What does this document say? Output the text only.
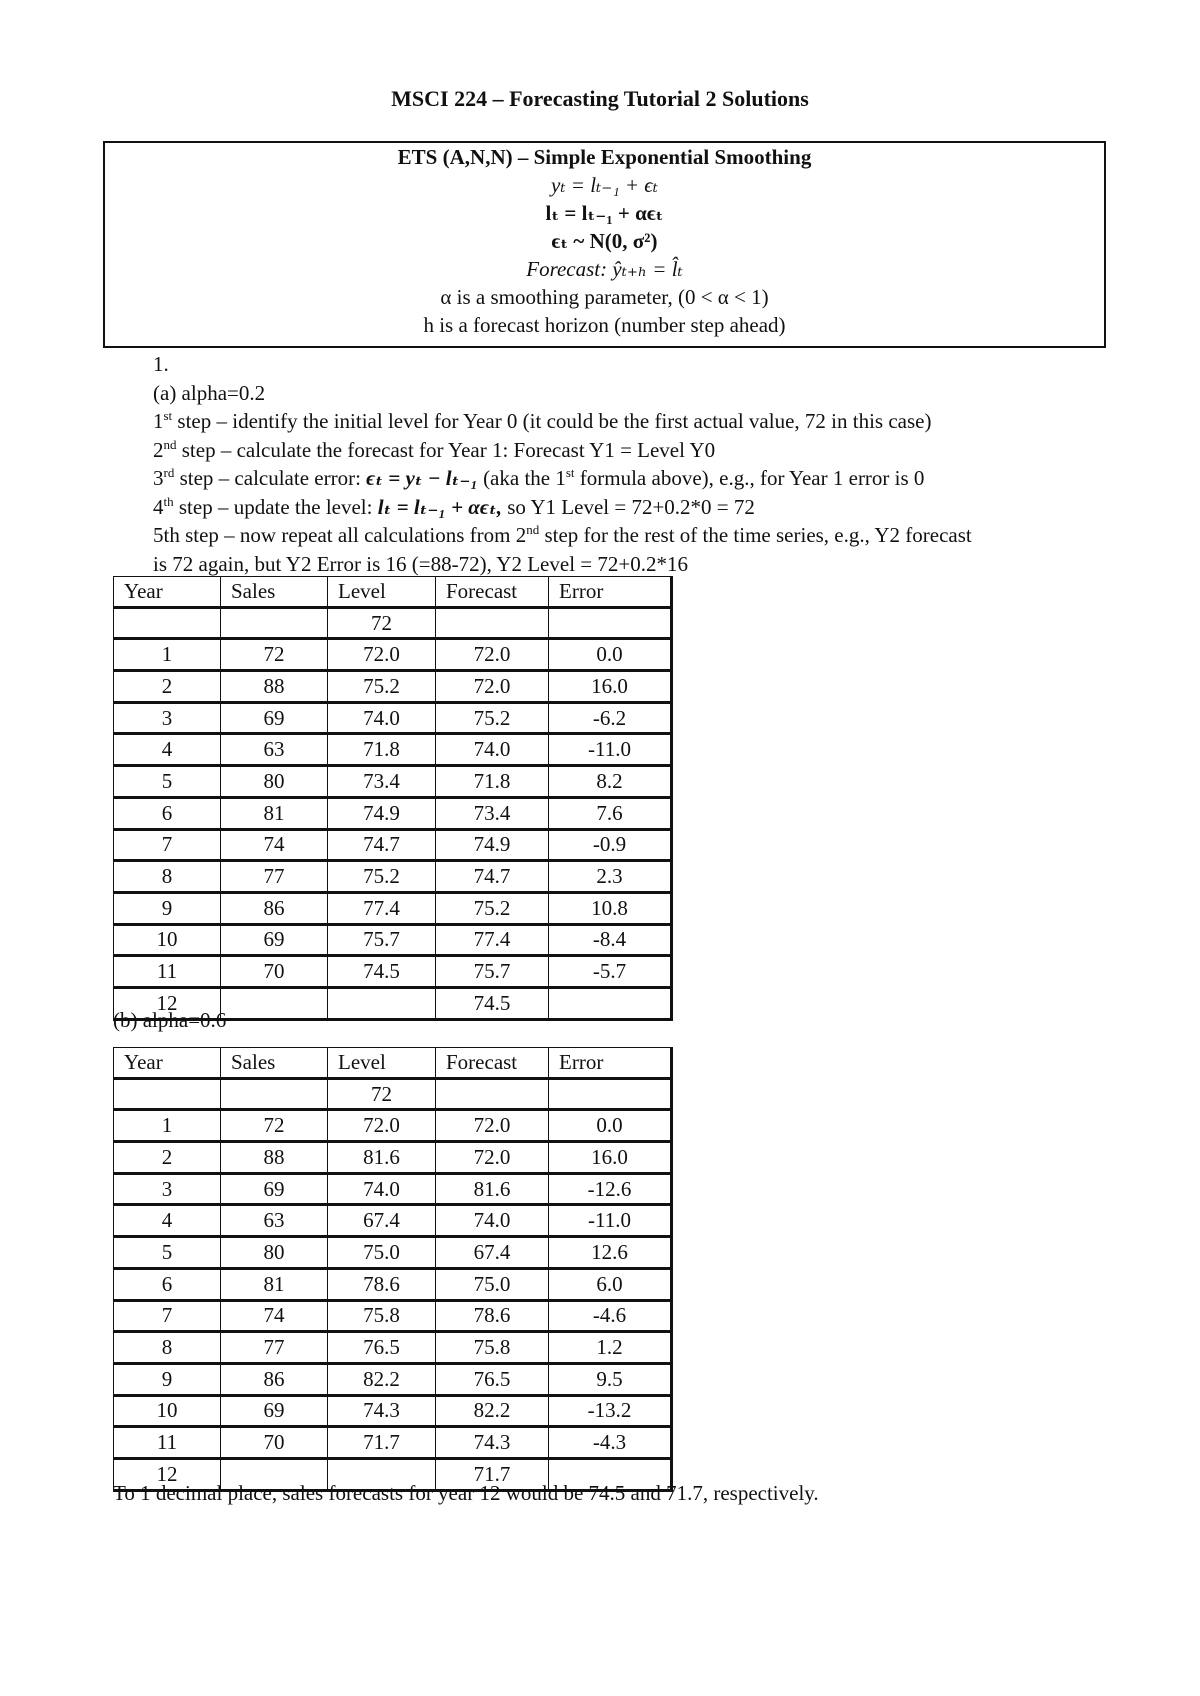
MSCI 224 – Forecasting Tutorial 2 Solutions
ETS (A,N,N) – Simple Exponential Smoothing
yₜ = lₜ₋₁ + ϵₜ
lₜ = lₜ₋₁ + αϵₜ
ϵₜ ~ N(0, σ²)
Forecast: ŷₜ₊ₕ = l̂ₜ
α is a smoothing parameter, (0 < α < 1)
h is a forecast horizon (number step ahead)
1.
(a) alpha=0.2
1st step – identify the initial level for Year 0 (it could be the first actual value, 72 in this case)
2nd step – calculate the forecast for Year 1: Forecast Y1 = Level Y0
3rd step – calculate error: ϵₜ = yₜ − lₜ₋₁ (aka the 1st formula above), e.g., for Year 1 error is 0
4th step – update the level: lₜ = lₜ₋₁ + αϵₜ, so Y1 Level = 72+0.2*0 = 72
5th step – now repeat all calculations from 2nd step for the rest of the time series, e.g., Y2 forecast
is 72 again, but Y2 Error is 16 (=88-72), Y2 Level = 72+0.2*16
Year	Sales	Level	Forecast	Error
		72		
1	72	72.0	72.0	0.0
2	88	75.2	72.0	16.0
3	69	74.0	75.2	-6.2
4	63	71.8	74.0	-11.0
5	80	73.4	71.8	8.2
6	81	74.9	73.4	7.6
7	74	74.7	74.9	-0.9
8	77	75.2	74.7	2.3
9	86	77.4	75.2	10.8
10	69	75.7	77.4	-8.4
11	70	74.5	75.7	-5.7
12			74.5	
(b) alpha=0.6
Year	Sales	Level	Forecast	Error
		72		
1	72	72.0	72.0	0.0
2	88	81.6	72.0	16.0
3	69	74.0	81.6	-12.6
4	63	67.4	74.0	-11.0
5	80	75.0	67.4	12.6
6	81	78.6	75.0	6.0
7	74	75.8	78.6	-4.6
8	77	76.5	75.8	1.2
9	86	82.2	76.5	9.5
10	69	74.3	82.2	-13.2
11	70	71.7	74.3	-4.3
12			71.7	
To 1 decimal place, sales forecasts for year 12 would be 74.5 and 71.7, respectively.
